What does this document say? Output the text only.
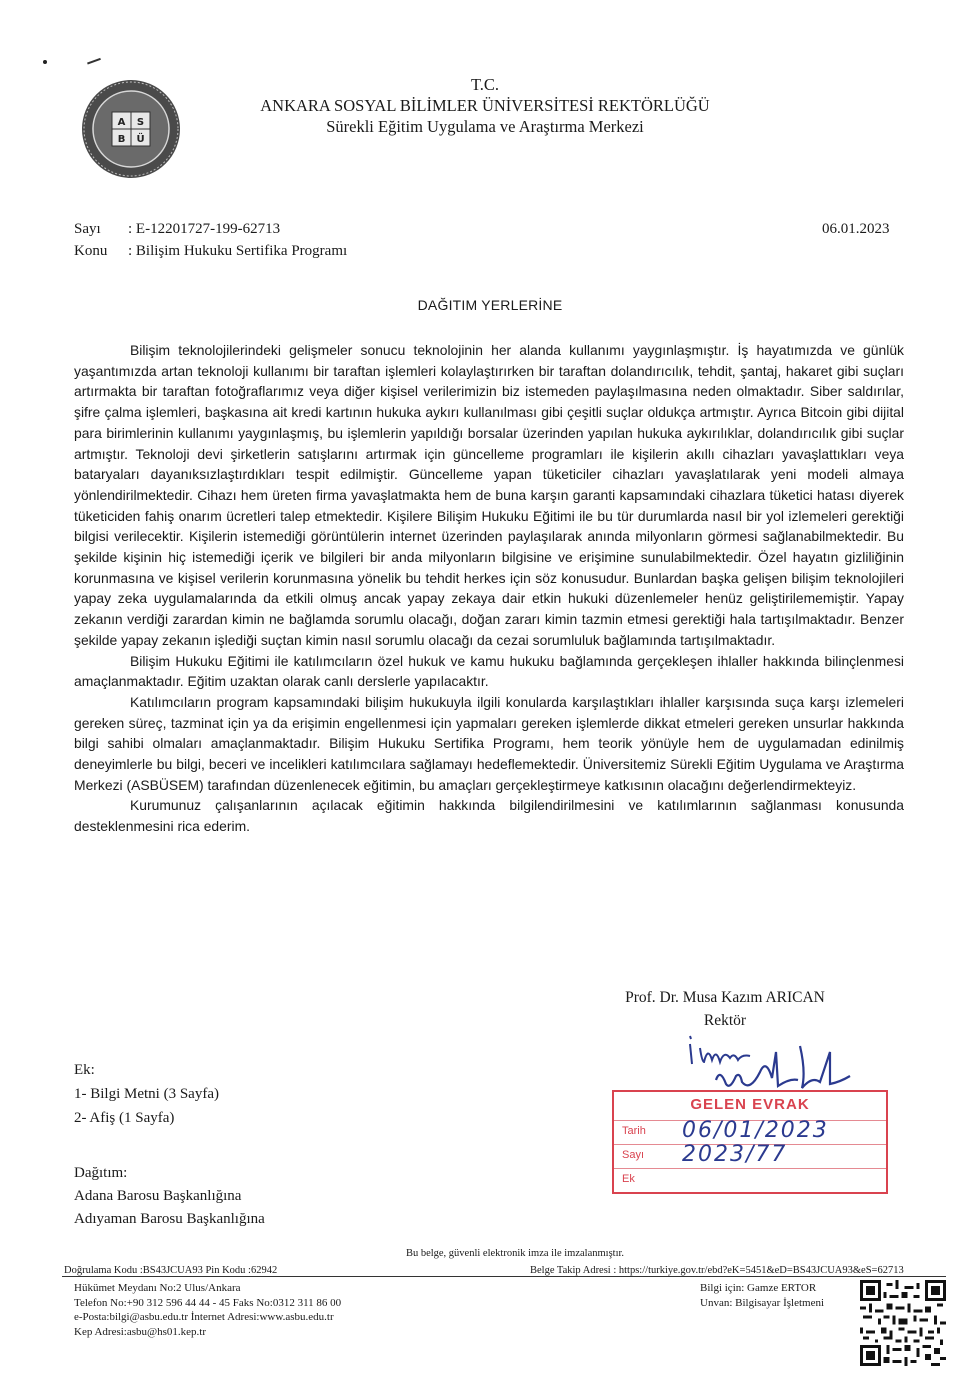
A S
B Ü
T.C.
ANKARA SOSYAL BİLİMLER ÜNİVERSİTESİ REKTÖRLÜĞÜ
Sürekli Eğitim Uygulama ve Araştırma Merkezi
Sayı : E-12201727-199-62713
Konu : Bilişim Hukuku Sertifika Programı
06.01.2023
DAĞITIM YERLERİNE

Bilişim teknolojilerindeki gelişmeler sonucu teknolojinin her alanda kullanımı yaygınlaşmıştır. İş hayatımızda ve günlük yaşantımızda artan teknoloji kullanımı bir taraftan işlemleri kolaylaştırırken bir taraftan dolandırıcılık, tehdit, şantaj, hakaret gibi suçları artırmakta bir taraftan fotoğraflarımız veya diğer kişisel verilerimizin biz istemeden paylaşılmasına neden olmaktadır. Siber saldırılar, şifre çalma işlemleri, başkasına ait kredi kartının hukuka aykırı kullanılması gibi çeşitli suçlar oldukça artmıştır. Ayrıca Bitcoin gibi dijital para birimlerinin kullanımı yaygınlaşmış, bu işlemlerin yapıldığı borsalar üzerinden yapılan hukuka aykırılıklar, dolandırıcılık gibi suçlar artmıştır. Teknoloji devi şirketlerin satışlarını artırmak için güncelleme programları ile kişilerin akıllı cihazları yavaşlattıkları veya bataryaları dayanıksızlaştırdıkları tespit edilmiştir. Güncelleme yapan tüketiciler cihazları yavaşlatılarak yeni modeli almaya yönlendirilmektedir. Cihazı hem üreten firma yavaşlatmakta hem de buna karşın garanti kapsamındaki cihazlara tüketici hatası diyerek tüketiciden fahiş onarım ücretleri talep etmektedir. Kişilere Bilişim Hukuku Eğitimi ile bu tür durumlarda nasıl bir yol izlemeleri gerektiği bilgisi verilecektir. Kişilerin istemediği görüntülerin internet üzerinden paylaşılarak anında milyonların görmesi sağlanabilmektedir. Bu şekilde kişinin hiç istemediği içerik ve bilgileri bir anda milyonların bilgisine ve erişimine sunulabilmektedir. Özel hayatın gizliliğinin korunmasına ve kişisel verilerin korunmasına yönelik bu tehdit herkes için söz konusudur. Bunlardan başka gelişen bilişim teknolojileri yapay zeka uygulamalarında da etkili olmuş ancak yapay zekaya dair etkin hukuki düzenlemeler henüz geliştirilememiştir. Yapay zekanın verdiği zarardan kimin ne bağlamda sorumlu olacağı, doğan zararı kimin tazmin etmesi gerektiği hala tartışılmaktadır. Benzer şekilde yapay zekanın işlediği suçtan kimin nasıl sorumlu olacağı da cezai sorumluluk bağlamında tartışılmaktadır.

Bilişim Hukuku Eğitimi ile katılımcıların özel hukuk ve kamu hukuku bağlamında gerçekleşen ihlaller hakkında bilinçlenmesi amaçlanmaktadır. Eğitim uzaktan olarak canlı derslerle yapılacaktır.

Katılımcıların program kapsamındaki bilişim hukukuyla ilgili konularda karşılaştıkları ihlaller karşısında suça karşı izlemeleri gereken süreç, tazminat için ya da erişimin engellenmesi için yapmaları gereken işlemlerde dikkat etmeleri gereken unsurlar hakkında bilgi sahibi olmaları amaçlanmaktadır. Bilişim Hukuku Sertifika Programı, hem teorik yönüyle hem de uygulamadan edinilmiş deneyimlerle bu bilgi, beceri ve incelikleri katılımcılara sağlamayı hedeflemektedir. Üniversitemiz Sürekli Eğitim Uygulama ve Araştırma Merkezi (ASBÜSEM) tarafından düzenlenecek eğitimin, bu amaçları gerçekleştirmeye katkısının olacağını değerlendirmekteyiz.

Kurumunuz çalışanlarının açılacak eğitimin hakkında bilgilendirilmesini ve katılımlarının sağlanması konusunda desteklenmesini rica ederim.

Prof. Dr. Musa Kazım ARICAN
Rektör
GELEN EVRAK
Tarih 06/01/2023
Sayı 2023/77
Ek
Ek:
1- Bilgi Metni (3 Sayfa)
2- Afiş (1 Sayfa)
Dağıtım:
Adana Barosu Başkanlığına
Adıyaman Barosu Başkanlığına
Bu belge, güvenli elektronik imza ile imzalanmıştır.
Doğrulama Kodu :BS43JCUA93 Pin Kodu :62942	Belge Takip Adresi : https://turkiye.gov.tr/ebd?eK=5451&eD=BS43JCUA93&eS=62713
Hükümet Meydanı No:2 Ulus/Ankara
Telefon No:+90 312 596 44 44 - 45 Faks No:0312 311 86 00
e-Posta:bilgi@asbu.edu.tr İnternet Adresi:www.asbu.edu.tr
Kep Adresi:asbu@hs01.kep.tr
Bilgi için: Gamze ERTOR
Unvan: Bilgisayar İşletmeni
